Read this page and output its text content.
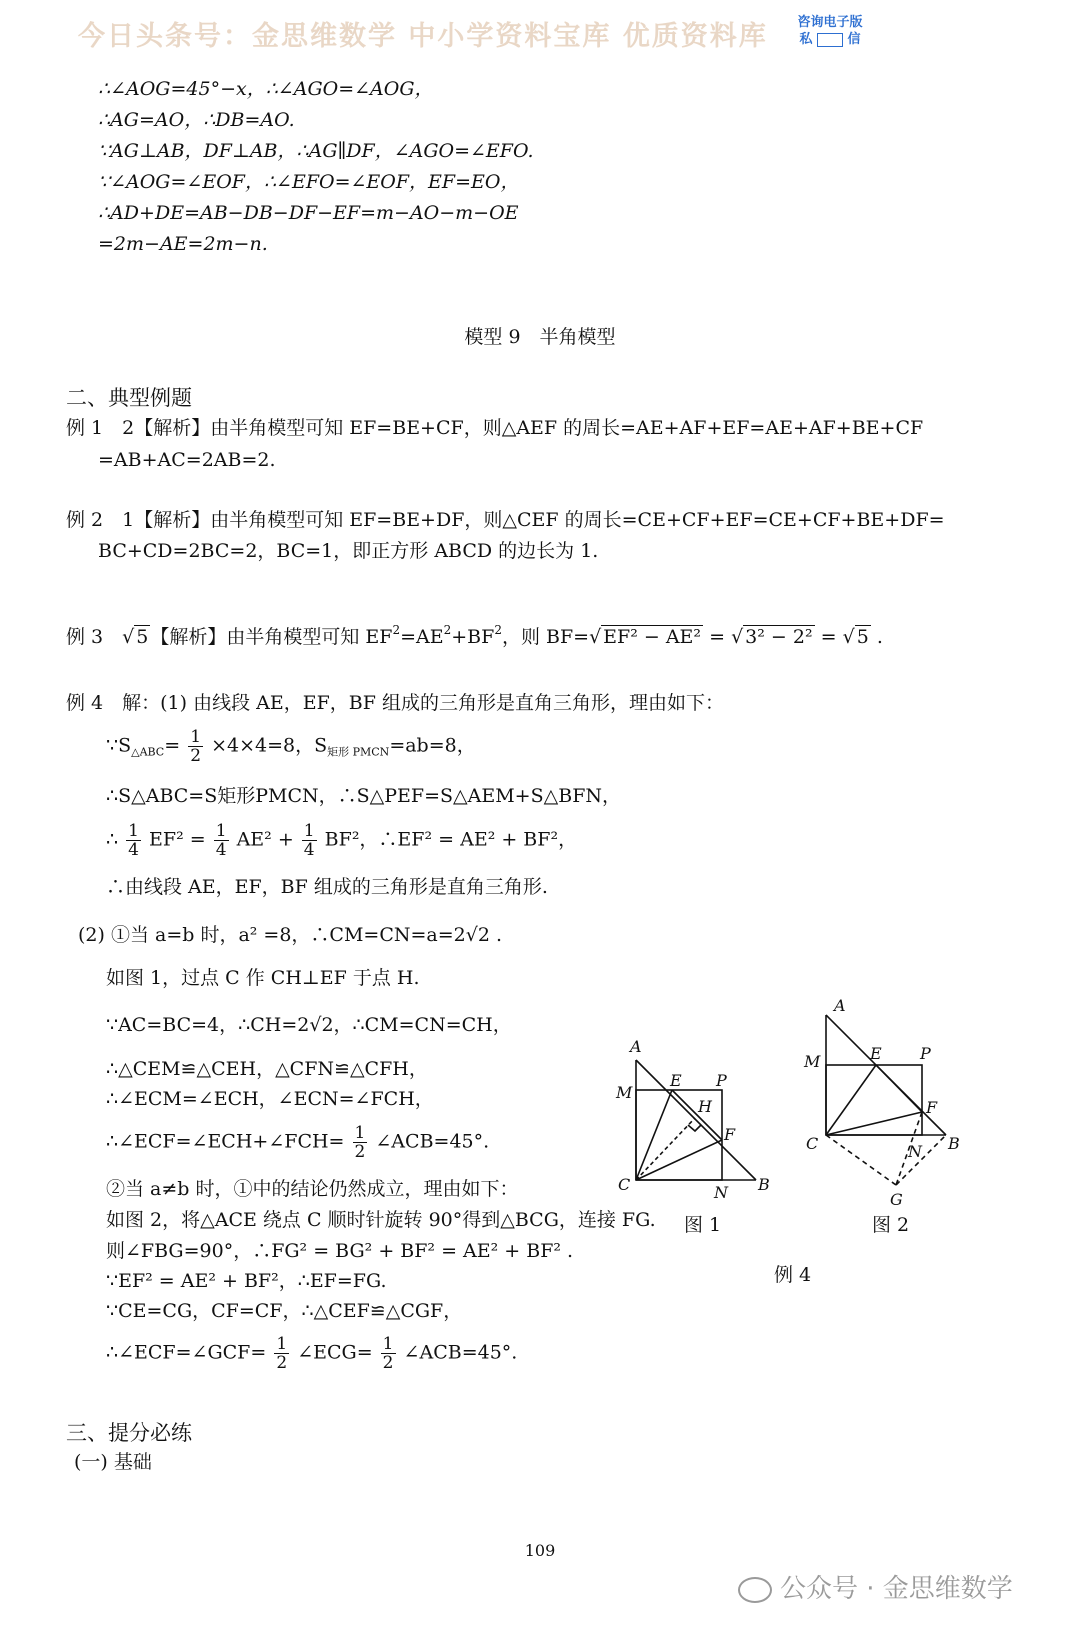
今日头条号：金思维数学 中小学资料宝库 优质资料库	咨询电子版
私	信
∴∠AOG=45°−x，∴∠AGO=∠AOG，
∴AG=AO，∴DB=AO.
∵AG⊥AB，DF⊥AB，∴AG∥DF，∠AGO=∠EFO.
∵∠AOG=∠EOF，∴∠EFO=∠EOF，EF=EO，
∴AD+DE=AB−DB−DF−EF=m−AO−m−OE
=2m−AE=2m−n.
模型 9　半角模型
二、典型例题
例 1　2【解析】由半角模型可知 EF=BE+CF，则△AEF 的周长=AE+AF+EF=AE+AF+BE+CF
=AB+AC=2AB=2.
例 2　1【解析】由半角模型可知 EF=BE+DF，则△CEF 的周长=CE+CF+EF=CE+CF+BE+DF=
BC+CD=2BC=2，BC=1，即正方形 ABCD 的边长为 1.
例 3　√ 5 【解析】由半角模型可知 $EF^2=AE^2+BF^2$，则 BF=√ EF² − AE² = √ 3² − 2² = √ 5 .
例 4　解：(1) 由线段 AE，EF，BF 组成的三角形是直角三角形，理由如下：
$\because S_{\triangle ABC}= \frac{1}{2} \times 4\times 4=8$，$S_{矩形 PMCN}=ab=8$，
∴S△ABC=S矩形PMCN，∴S△PEF=S△AEM+S△BFN，
∴ $\frac{1}{4} EF^2 = \frac{1}{4} AE^2 + \frac{1}{4} BF^2$，∴EF² = AE² + BF²，
∴由线段 AE，EF，BF 组成的三角形是直角三角形.
(2) ①当 a=b 时，a² =8，∴CM=CN=a=2√2 .
如图 1，过点 C 作 CH⊥EF 于点 H.
∵AC=BC=4，∴CH=2√2，∴CM=CN=CH，
∴△CEM≌△CEH，△CFN≌△CFH，
∴∠ECM=∠ECH，∠ECN=∠FCH，
∴∠ECF=∠ECH+∠FCH= $\frac{1}{2}$ ∠ACB=45°.
②当 a≠b 时，①中的结论仍然成立，理由如下：
如图 2，将△ACE 绕点 C 顺时针旋转 90°得到△BCG，连接 FG.
则∠FBG=90°，∴FG² = BG² + BF² = AE² + BF² .
∵EF² = AE² + BF²，∴EF=FG.
∵CE=CG，CF=CF，∴△CEF≌△CGF，
∴∠ECF=∠GCF= $\frac{1}{2}$ ∠ECG= $\frac{1}{2}$ ∠ACB=45°.
A
M
E P
H
F
C	N B
A
M	E P
F
C	N B
G
图 1	图 2
例 4
三、提分必练
(一) 基础
109
公众号 · 金思维数学
